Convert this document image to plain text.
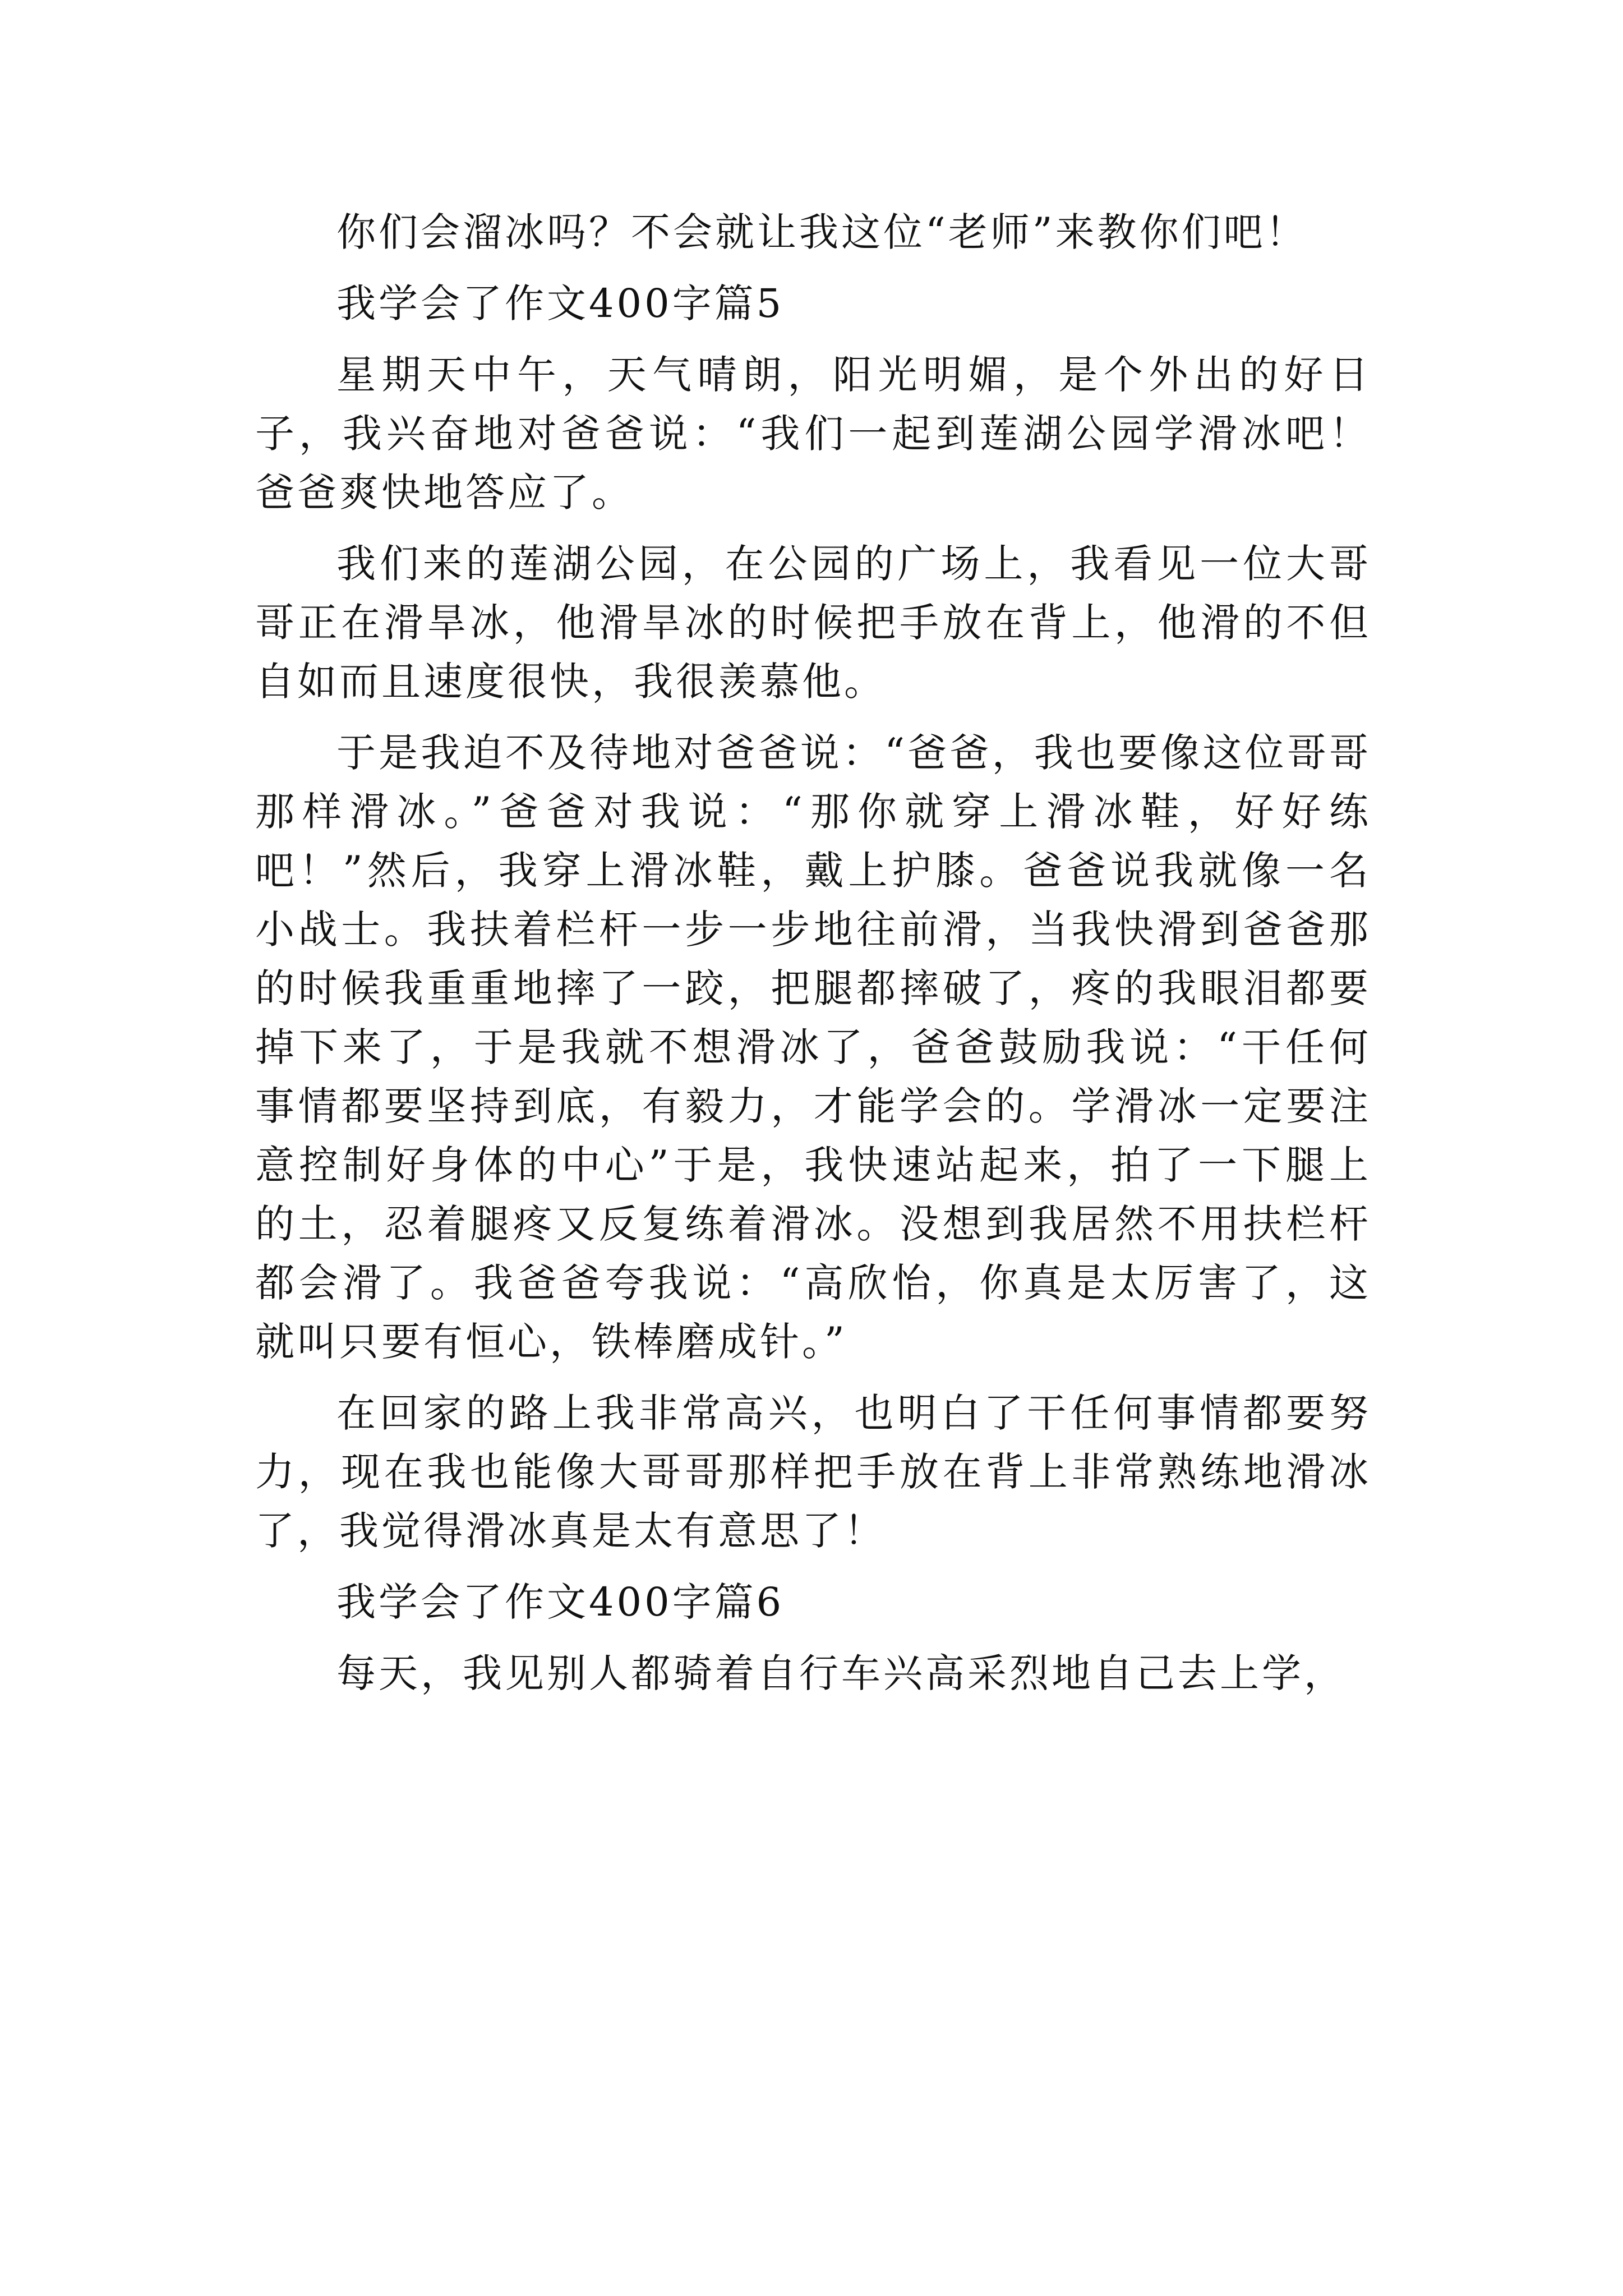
你们会溜冰吗？不会就让我这位“老师”来教你们吧！

我学会了作文400字篇5

星期天中午，天气晴朗，阳光明媚，是个外出的好日子，我兴奋地对爸爸说：“我们一起到莲湖公园学滑冰吧！爸爸爽快地答应了。

我们来的莲湖公园，在公园的广场上，我看见一位大哥哥正在滑旱冰，他滑旱冰的时候把手放在背上，他滑的不但自如而且速度很快，我很羡慕他。

于是我迫不及待地对爸爸说：“爸爸，我也要像这位哥哥那样滑冰。”爸爸对我说：“那你就穿上滑冰鞋，好好练吧！”然后，我穿上滑冰鞋，戴上护膝。爸爸说我就像一名小战士。我扶着栏杆一步一步地往前滑，当我快滑到爸爸那的时候我重重地摔了一跤，把腿都摔破了，疼的我眼泪都要掉下来了，于是我就不想滑冰了，爸爸鼓励我说：“干任何事情都要坚持到底，有毅力，才能学会的。学滑冰一定要注意控制好身体的中心”于是，我快速站起来，拍了一下腿上的土，忍着腿疼又反复练着滑冰。没想到我居然不用扶栏杆都会滑了。我爸爸夸我说：“高欣怡，你真是太厉害了，这就叫只要有恒心，铁棒磨成针。”

在回家的路上我非常高兴，也明白了干任何事情都要努力，现在我也能像大哥哥那样把手放在背上非常熟练地滑冰了，我觉得滑冰真是太有意思了！

我学会了作文400字篇6

每天，我见别人都骑着自行车兴高采烈地自己去上学，
